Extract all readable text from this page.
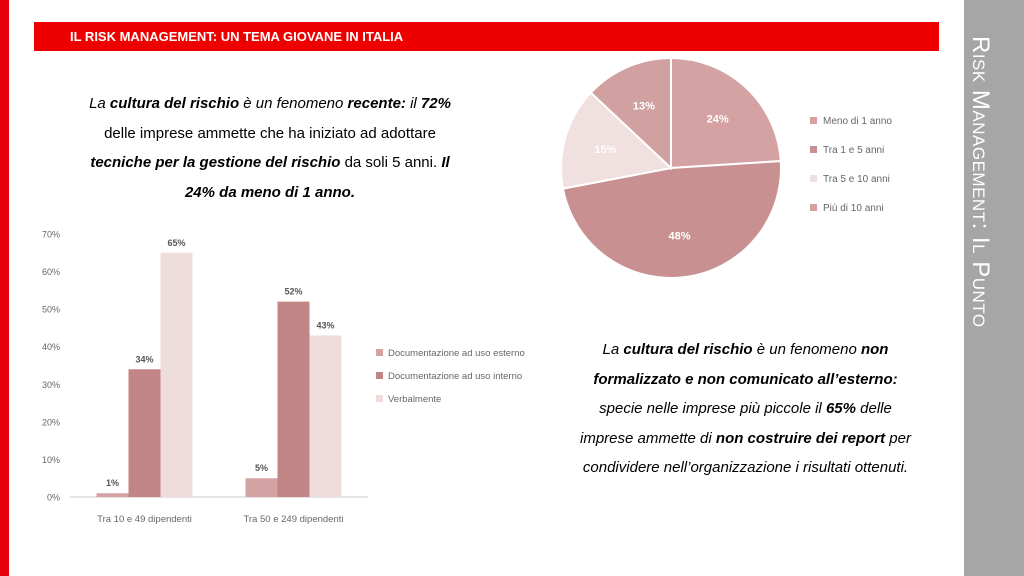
Risk Management: Il Punto
IL RISK MANAGEMENT: UN TEMA GIOVANE IN ITALIA
La cultura del rischio è un fenomeno recente: il 72%
delle imprese ammette che ha iniziato ad adottare
tecniche per la gestione del rischio da soli 5 anni. Il
24% da meno di 1 anno.
La cultura del rischio è un fenomeno non
formalizzato e non comunicato all’esterno:
specie nelle imprese più piccole il 65% delle
imprese ammette di non costruire dei report per
condividere nell’organizzazione i risultati ottenuti.
0%
10%
20%
30%
40%
50%
60%
70%
1%
34%
65%
Tra 10 e 49 dipendenti
5%
52%
43%
Tra 50 e 249 dipendenti
Documentazione ad uso esterno
Documentazione ad uso interno
Verbalmente
24%
48%
15%
13%
Meno di 1 anno
Tra 1 e 5 anni
Tra 5 e 10 anni
Più di 10 anni
